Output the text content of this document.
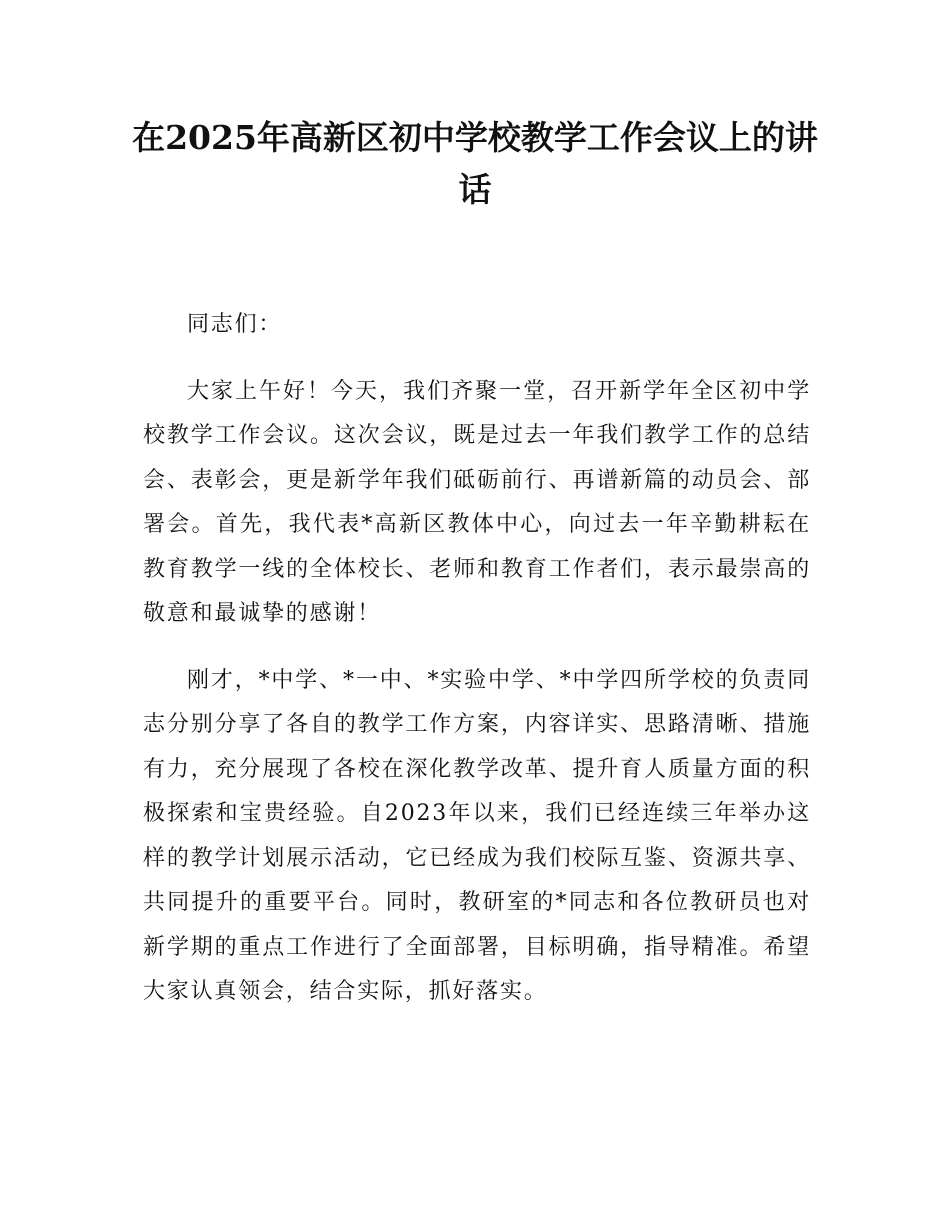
在2025年高新区初中学校教学工作会议上的讲话

同志们：

大家上午好！今天，我们齐聚一堂，召开新学年全区初中学校教学工作会议。这次会议，既是过去一年我们教学工作的总结会、表彰会，更是新学年我们砥砺前行、再谱新篇的动员会、部署会。首先，我代表*高新区教体中心，向过去一年辛勤耕耘在教育教学一线的全体校长、老师和教育工作者们，表示最崇高的敬意和最诚挚的感谢！

刚才，*中学、*一中、*实验中学、*中学四所学校的负责同志分别分享了各自的教学工作方案，内容详实、思路清晰、措施有力，充分展现了各校在深化教学改革、提升育人质量方面的积极探索和宝贵经验。自2023年以来，我们已经连续三年举办这样的教学计划展示活动，它已经成为我们校际互鉴、资源共享、共同提升的重要平台。同时，教研室的*同志和各位教研员也对新学期的重点工作进行了全面部署，目标明确，指导精准。希望大家认真领会，结合实际，抓好落实。
